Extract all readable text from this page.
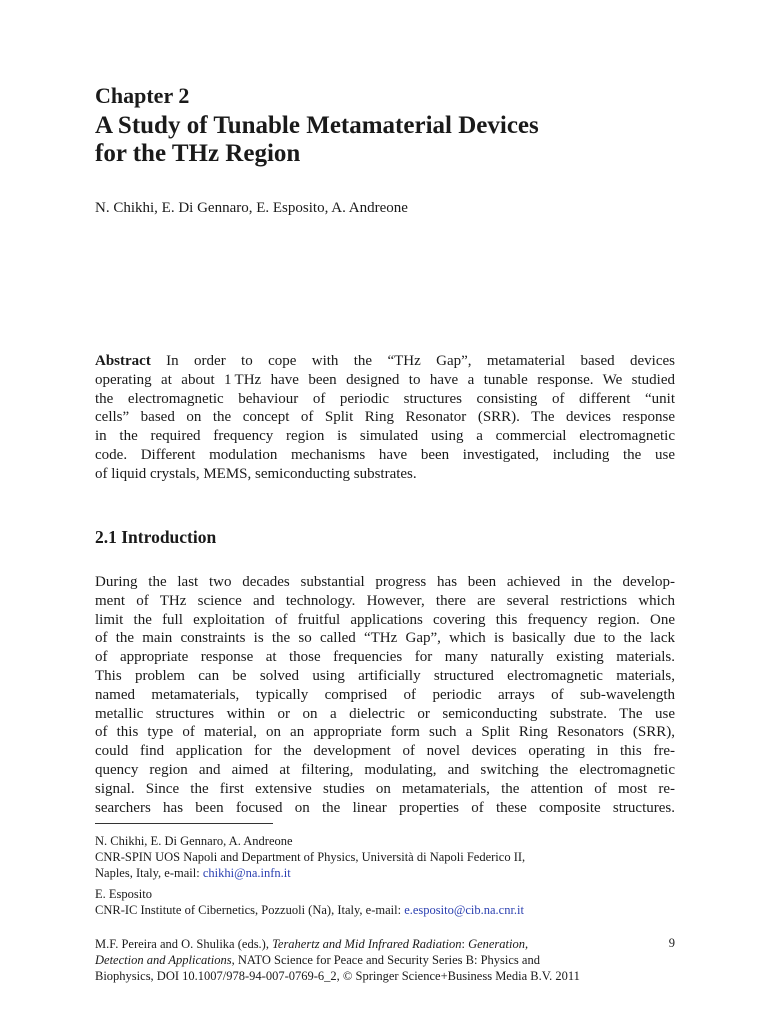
Chapter 2
A Study of Tunable Metamaterial Devices
for the THz Region
N. Chikhi, E. Di Gennaro, E. Esposito, A. Andreone
Abstract In order to cope with the “THz Gap”, metamaterial based devices
operating at about 1 THz have been designed to have a tunable response. We studied
the electromagnetic behaviour of periodic structures consisting of different “unit
cells” based on the concept of Split Ring Resonator (SRR). The devices response
in the required frequency region is simulated using a commercial electromagnetic
code. Different modulation mechanisms have been investigated, including the use
of liquid crystals, MEMS, semiconducting substrates.
2.1 Introduction
During the last two decades substantial progress has been achieved in the develop-
ment of THz science and technology. However, there are several restrictions which
limit the full exploitation of fruitful applications covering this frequency region. One
of the main constraints is the so called “THz Gap”, which is basically due to the lack
of appropriate response at those frequencies for many naturally existing materials.
This problem can be solved using artificially structured electromagnetic materials,
named metamaterials, typically comprised of periodic arrays of sub-wavelength
metallic structures within or on a dielectric or semiconducting substrate. The use
of this type of material, on an appropriate form such a Split Ring Resonators (SRR),
could find application for the development of novel devices operating in this fre-
quency region and aimed at filtering, modulating, and switching the electromagnetic
signal. Since the first extensive studies on metamaterials, the attention of most re-
searchers has been focused on the linear properties of these composite structures.
N. Chikhi, E. Di Gennaro, A. Andreone
CNR-SPIN UOS Napoli and Department of Physics, Università di Napoli Federico II,
Naples, Italy, e-mail: chikhi@na.infn.it
E. Esposito
CNR-IC Institute of Cibernetics, Pozzuoli (Na), Italy, e-mail: e.esposito@cib.na.cnr.it
M.F. Pereira and O. Shulika (eds.), Terahertz and Mid Infrared Radiation: Generation,
Detection and Applications, NATO Science for Peace and Security Series B: Physics and
Biophysics, DOI 10.1007/978-94-007-0769-6_2, © Springer Science+Business Media B.V. 2011
9
